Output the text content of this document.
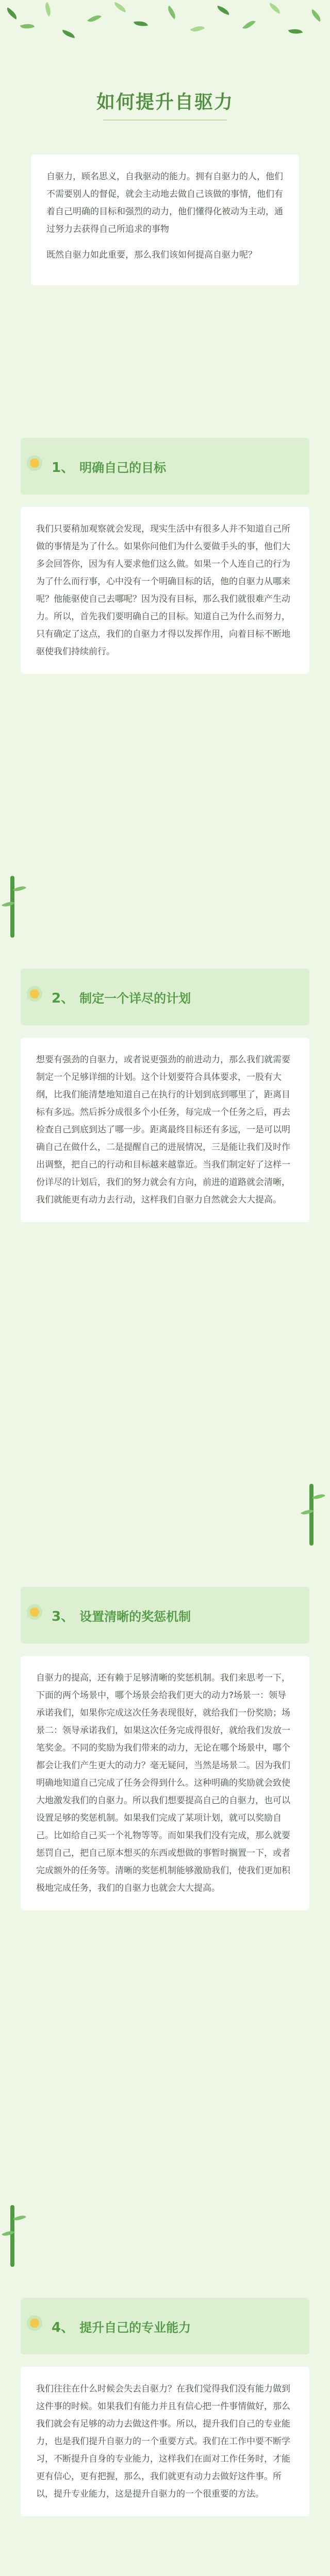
如何提升自驱力

自驱力，顾名思义，自我驱动的能力。拥有自驱力的人，他们不需要别人的督促，就会主动地去做自己该做的事情，他们有着自己明确的目标和强烈的动力，他们懂得化被动为主动，通过努力去获得自己所追求的事物

既然自驱力如此重要，那么我们该如何提高自驱力呢？

1、 明确自己的目标
我们只要稍加观察就会发现，现实生活中有很多人并不知道自己所做的事情是为了什么。如果你问他们为什么要做手头的事，他们大多会回答你，因为有人要求他们这么做。如果一个人连自己的行为为了什么而行事，心中没有一个明确目标的话，他的自驱力从哪来呢？他能驱使自己去哪呢？因为没有目标，那么我们就很难产生动力。所以，首先我们要明确自己的目标。知道自己为什么而努力，只有确定了这点，我们的自驱力才得以发挥作用，向着目标不断地驱使我们持续前行。
2、 制定一个详尽的计划
想要有强劲的自驱力，或者说更强劲的前进动力，那么我们就需要制定一个足够详细的计划。这个计划要符合具体要求，一股有大纲，比我们能清楚地知道自己在执行的计划到底到哪里了，距离目标有多远。然后拆分成很多个小任务，每完成一个任务之后，再去检查自己到底到达了哪一步。距离最终目标还有多远，一是可以明确自己在做什么，二是提醒自己的进展情况，三是能让我们及时作出调整，把自己的行动和目标越来越靠近。当我们制定好了这样一份详尽的计划后，我们的努力就会有方向，前进的道路就会清晰，我们就能更有动力去行动，这样我们自驱力自然就会大大提高。
3、 设置清晰的奖惩机制
自驱力的提高，还有赖于足够清晰的奖惩机制。我们来思考一下，下面的两个场景中，哪个场景会给我们更大的动力?场景一：领导承诺我们，如果你完成这次任务表现很好，就给我们一份奖励；场景二：领导承诺我们，如果这次任务完成得很好，就给我们发放一笔奖金。不同的奖励为我们带来的动力，无论在哪个场景中，哪个都会让我们产生更大的动力？毫无疑问，当然是场景二。因为我们明确地知道自己完成了任务会得到什么。这种明确的奖励就会致使大地激发我们的自驱力。所以我们想要提高自己的自驱力，也可以设置足够的奖惩机制。如果我们完成了某项计划，就可以奖励自己。比如给自己买一个礼物等等。而如果我们没有完成，那么就要惩罚自己，把自己原本想买的东西或想做的事暂时搁置一下，或者完成额外的任务等。清晰的奖惩机制能够激励我们，使我们更加积极地完成任务，我们的自驱力也就会大大提高。
4、 提升自己的专业能力
我们往往在什么时候会失去自驱力？在我们觉得我们没有能力做到这件事的时候。如果我们有能力并且有信心把一件事情做好，那么我们就会有足够的动力去做这件事。所以，提升我们自己的专业能力，也是我们提升自驱力的一个重要方式。我们在工作中要不断学习，不断提升自身的专业能力，这样我们在面对工作任务时，才能更有信心，更有把握，那么，我们就更有动力去做好这件事。所以，提升专业能力，这是提升自驱力的一个很重要的方法。
